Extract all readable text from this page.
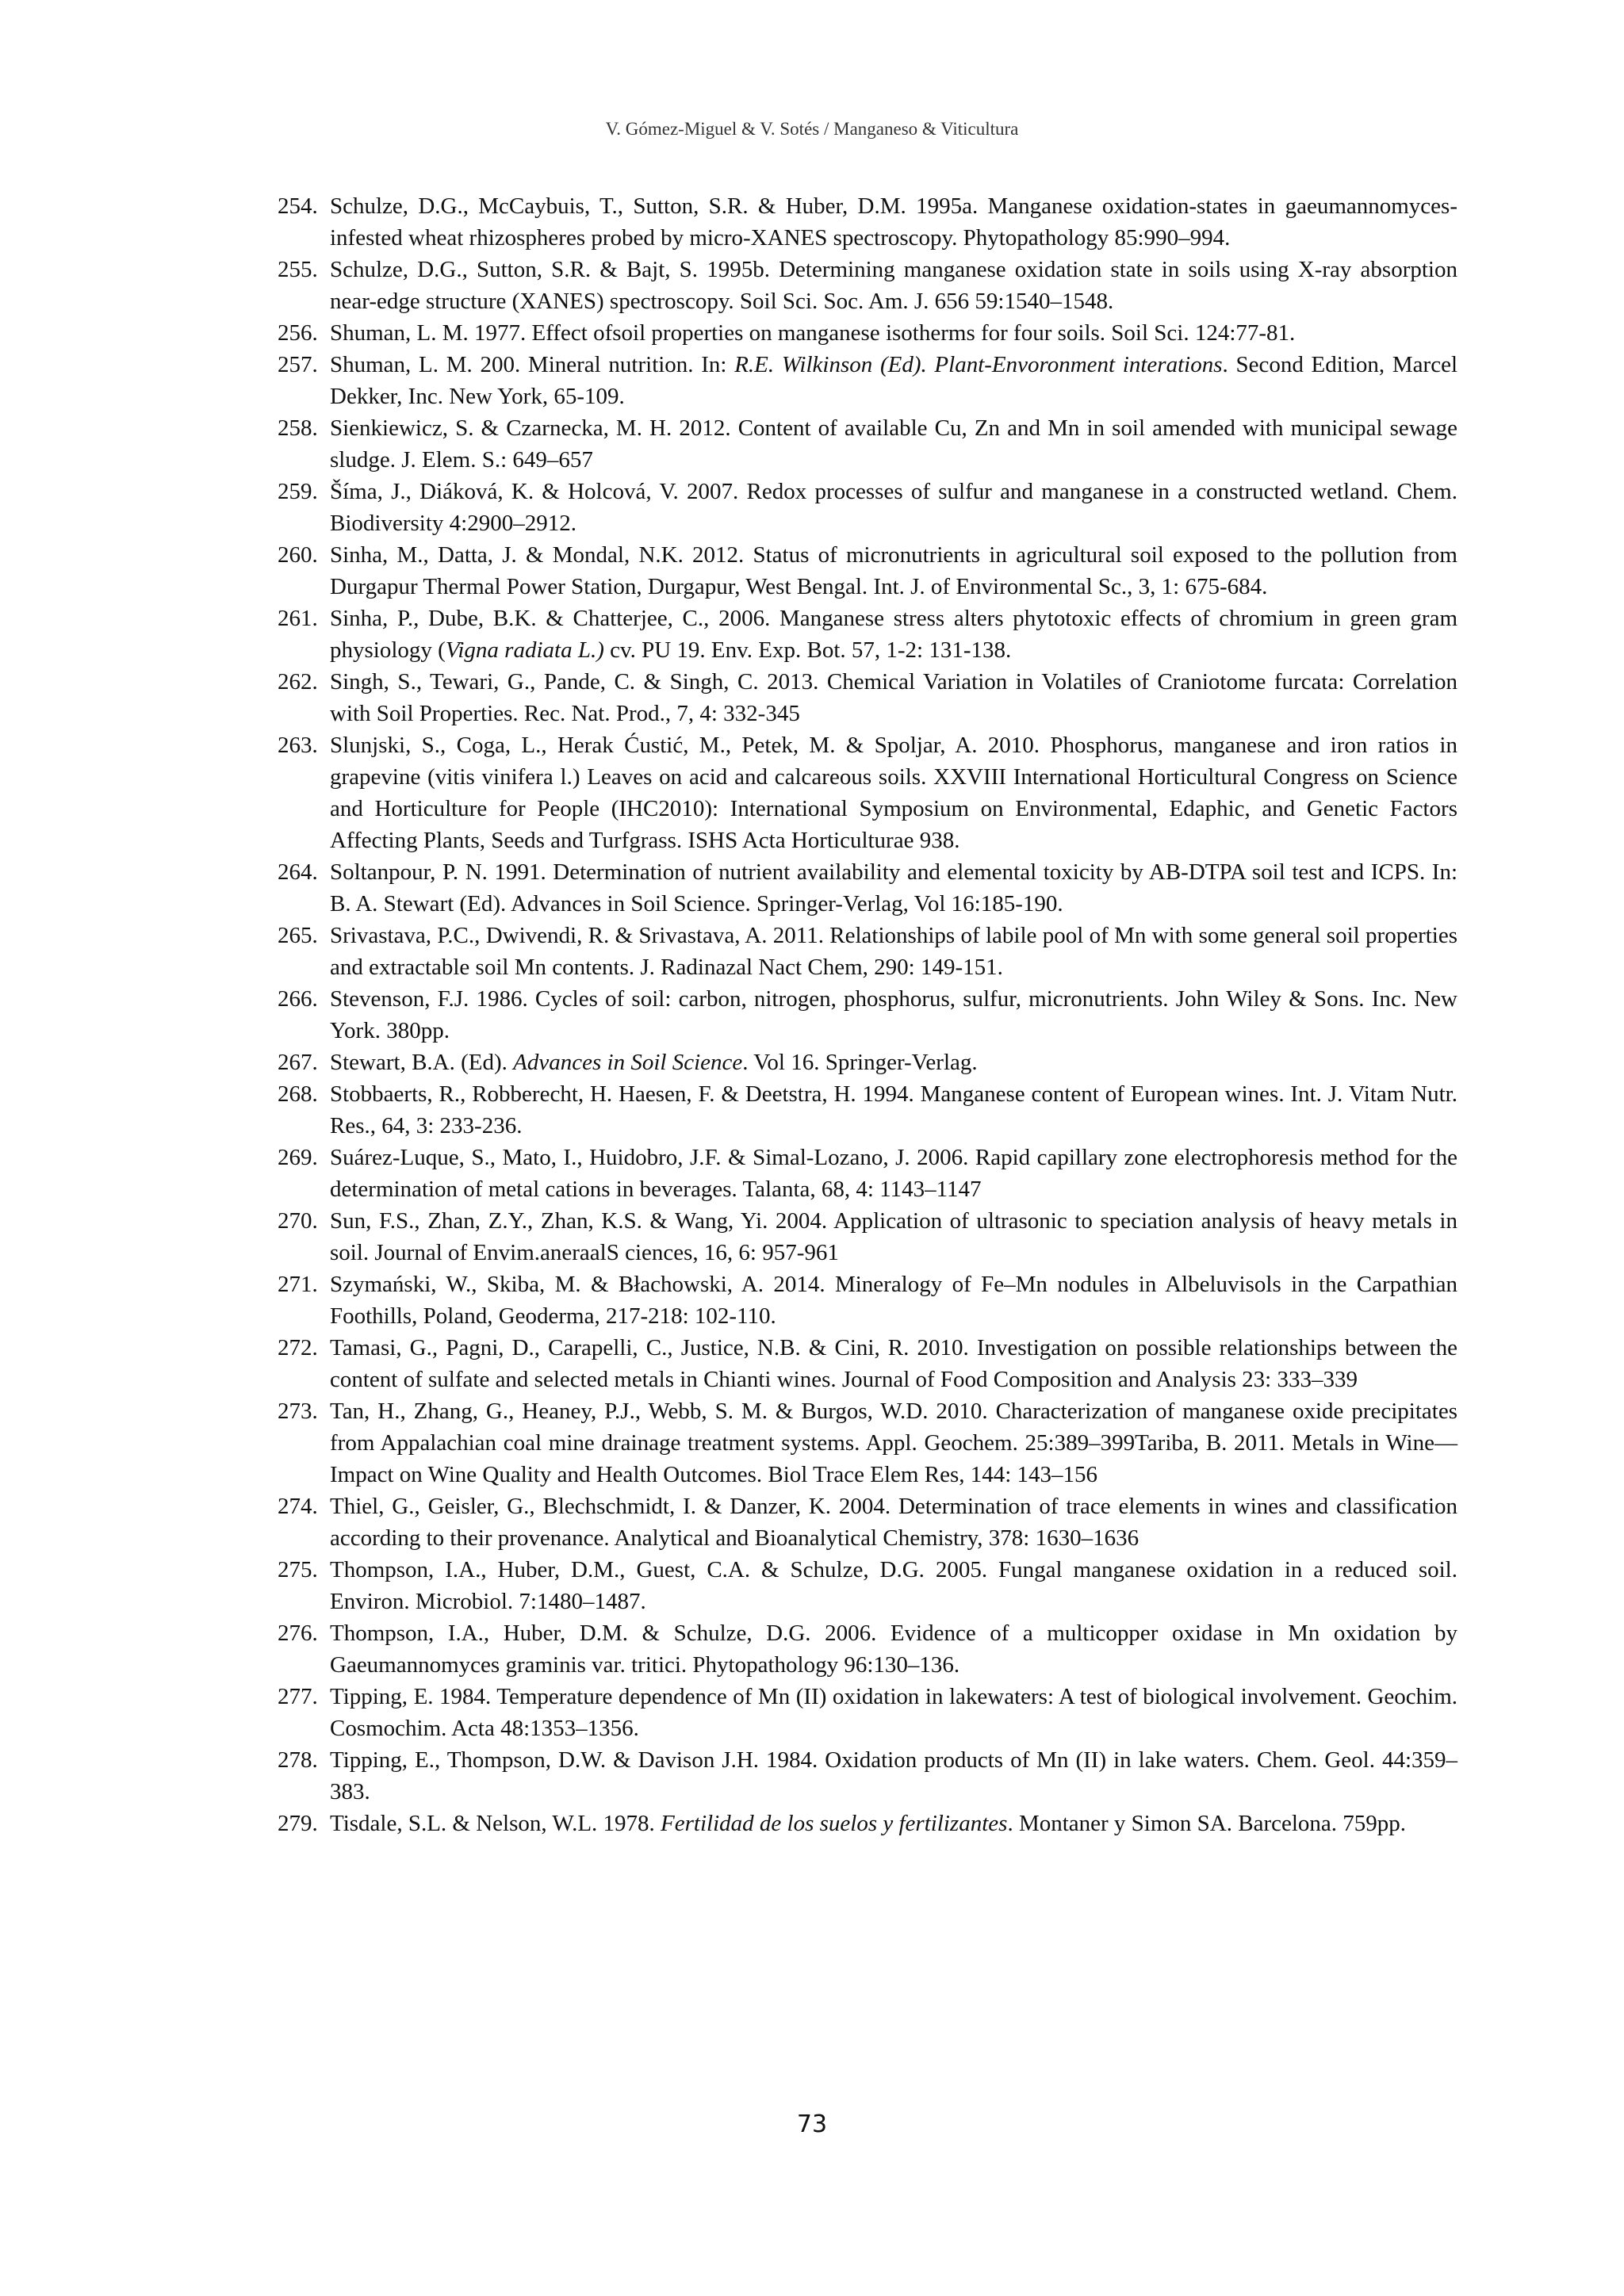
V. Gómez-Miguel & V. Sotés / Manganeso & Viticultura
254. Schulze, D.G., McCaybuis, T., Sutton, S.R. & Huber, D.M. 1995a. Manganese oxidation-states in gaeumannomyces-infested wheat rhizospheres probed by micro-XANES spectroscopy. Phytopathology 85:990–994.
255. Schulze, D.G., Sutton, S.R. & Bajt, S. 1995b. Determining manganese oxidation state in soils using X-ray absorption near-edge structure (XANES) spectroscopy. Soil Sci. Soc. Am. J. 656 59:1540–1548.
256. Shuman, L. M. 1977. Effect ofsoil properties on manganese isotherms for four soils. Soil Sci. 124:77-81.
257. Shuman, L. M. 200. Mineral nutrition. In: R.E. Wilkinson (Ed). Plant-Envoronment interations. Second Edition, Marcel Dekker, Inc. New York, 65-109.
258. Sienkiewicz, S. & Czarnecka, M. H. 2012. Content of available Cu, Zn and Mn in soil amended with municipal sewage sludge. J. Elem. S.: 649–657
259. Šíma, J., Diáková, K. & Holcová, V. 2007. Redox processes of sulfur and manganese in a constructed wetland. Chem. Biodiversity 4:2900–2912.
260. Sinha, M., Datta, J. & Mondal, N.K. 2012. Status of micronutrients in agricultural soil exposed to the pollution from Durgapur Thermal Power Station, Durgapur, West Bengal. Int. J. of Environmental Sc., 3, 1: 675-684.
261. Sinha, P., Dube, B.K. & Chatterjee, C., 2006. Manganese stress alters phytotoxic effects of chromium in green gram physiology (Vigna radiata L.) cv. PU 19. Env. Exp. Bot. 57, 1-2: 131-138.
262. Singh, S., Tewari, G., Pande, C. & Singh, C. 2013. Chemical Variation in Volatiles of Craniotome furcata: Correlation with Soil Properties. Rec. Nat. Prod., 7, 4: 332-345
263. Slunjski, S., Coga, L., Herak Ćustić, M., Petek, M. & Spoljar, A. 2010. Phosphorus, manganese and iron ratios in grapevine (vitis vinifera l.) Leaves on acid and calcareous soils. XXVIII International Horticultural Congress on Science and Horticulture for People (IHC2010): International Symposium on Environmental, Edaphic, and Genetic Factors Affecting Plants, Seeds and Turfgrass. ISHS Acta Horticulturae 938.
264. Soltanpour, P. N. 1991. Determination of nutrient availability and elemental toxicity by AB-DTPA soil test and ICPS. In: B. A. Stewart (Ed). Advances in Soil Science. Springer-Verlag, Vol 16:185-190.
265. Srivastava, P.C., Dwivendi, R. & Srivastava, A. 2011. Relationships of labile pool of Mn with some general soil properties and extractable soil Mn contents. J. Radinazal Nact Chem, 290: 149-151.
266. Stevenson, F.J. 1986. Cycles of soil: carbon, nitrogen, phosphorus, sulfur, micronutrients. John Wiley & Sons. Inc. New York. 380pp.
267. Stewart, B.A. (Ed). Advances in Soil Science. Vol 16. Springer-Verlag.
268. Stobbaerts, R., Robberecht, H. Haesen, F. & Deetstra, H. 1994. Manganese content of European wines. Int. J. Vitam Nutr. Res., 64, 3: 233-236.
269. Suárez-Luque, S., Mato, I., Huidobro, J.F. & Simal-Lozano, J. 2006. Rapid capillary zone electrophoresis method for the determination of metal cations in beverages. Talanta, 68, 4: 1143–1147
270. Sun, F.S., Zhan, Z.Y., Zhan, K.S. & Wang, Yi. 2004. Application of ultrasonic to speciation analysis of heavy metals in soil. Journal of Envim.aneraalS ciences, 16, 6: 957-961
271. Szymański, W., Skiba, M. & Błachowski, A. 2014. Mineralogy of Fe–Mn nodules in Albeluvisols in the Carpathian Foothills, Poland, Geoderma, 217-218: 102-110.
272. Tamasi, G., Pagni, D., Carapelli, C., Justice, N.B. & Cini, R. 2010. Investigation on possible relationships between the content of sulfate and selected metals in Chianti wines. Journal of Food Composition and Analysis 23: 333–339
273. Tan, H., Zhang, G., Heaney, P.J., Webb, S. M. & Burgos, W.D. 2010. Characterization of manganese oxide precipitates from Appalachian coal mine drainage treatment systems. Appl. Geochem. 25:389–399Tariba, B. 2011. Metals in Wine—Impact on Wine Quality and Health Outcomes. Biol Trace Elem Res, 144: 143–156
274. Thiel, G., Geisler, G., Blechschmidt, I. & Danzer, K. 2004. Determination of trace elements in wines and classification according to their provenance. Analytical and Bioanalytical Chemistry, 378: 1630–1636
275. Thompson, I.A., Huber, D.M., Guest, C.A. & Schulze, D.G. 2005. Fungal manganese oxidation in a reduced soil. Environ. Microbiol. 7:1480–1487.
276. Thompson, I.A., Huber, D.M. & Schulze, D.G. 2006. Evidence of a multicopper oxidase in Mn oxidation by Gaeumannomyces graminis var. tritici. Phytopathology 96:130–136.
277. Tipping, E. 1984. Temperature dependence of Mn (II) oxidation in lakewaters: A test of biological involvement. Geochim. Cosmochim. Acta 48:1353–1356.
278. Tipping, E., Thompson, D.W. & Davison J.H. 1984. Oxidation products of Mn (II) in lake waters. Chem. Geol. 44:359–383.
279. Tisdale, S.L. & Nelson, W.L. 1978. Fertilidad de los suelos y fertilizantes. Montaner y Simon SA. Barcelona. 759pp.
73
